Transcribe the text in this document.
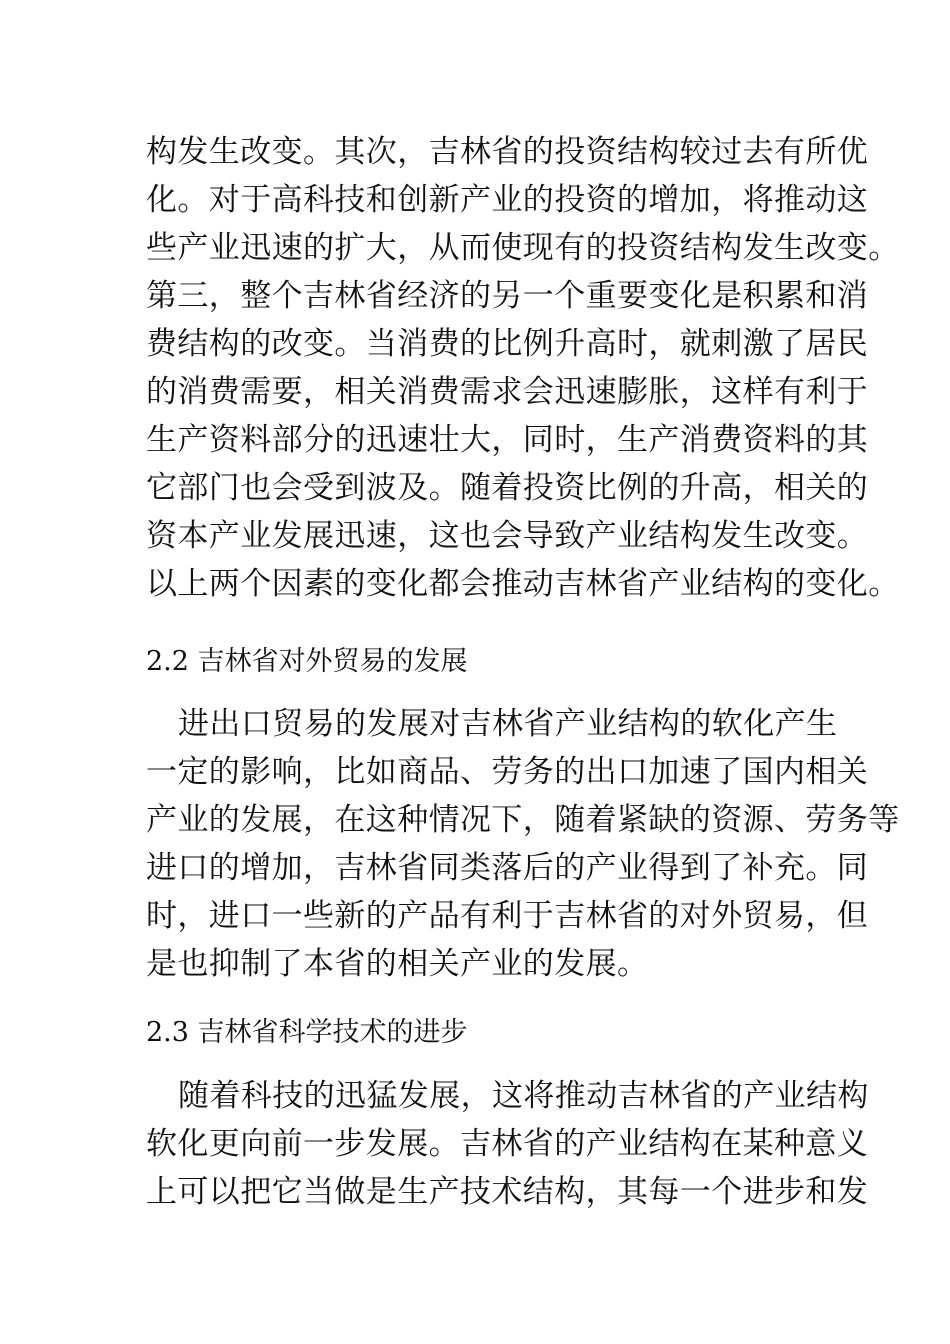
构发生改变。其次，吉林省的投资结构较过去有所优
化。对于高科技和创新产业的投资的增加，将推动这
些产业迅速的扩大，从而使现有的投资结构发生改变。
第三，整个吉林省经济的另一个重要变化是积累和消
费结构的改变。当消费的比例升高时，就刺激了居民
的消费需要，相关消费需求会迅速膨胀，这样有利于
生产资料部分的迅速壮大，同时，生产消费资料的其
它部门也会受到波及。随着投资比例的升高，相关的
资本产业发展迅速，这也会导致产业结构发生改变。
以上两个因素的变化都会推动吉林省产业结构的变化。
2.2 吉林省对外贸易的发展
进出口贸易的发展对吉林省产业结构的软化产生
一定的影响，比如商品、劳务的出口加速了国内相关
产业的发展，在这种情况下，随着紧缺的资源、劳务等
进口的增加，吉林省同类落后的产业得到了补充。同
时，进口一些新的产品有利于吉林省的对外贸易，但
是也抑制了本省的相关产业的发展。
2.3 吉林省科学技术的进步
随着科技的迅猛发展，这将推动吉林省的产业结构
软化更向前一步发展。吉林省的产业结构在某种意义
上可以把它当做是生产技术结构，其每一个进步和发
